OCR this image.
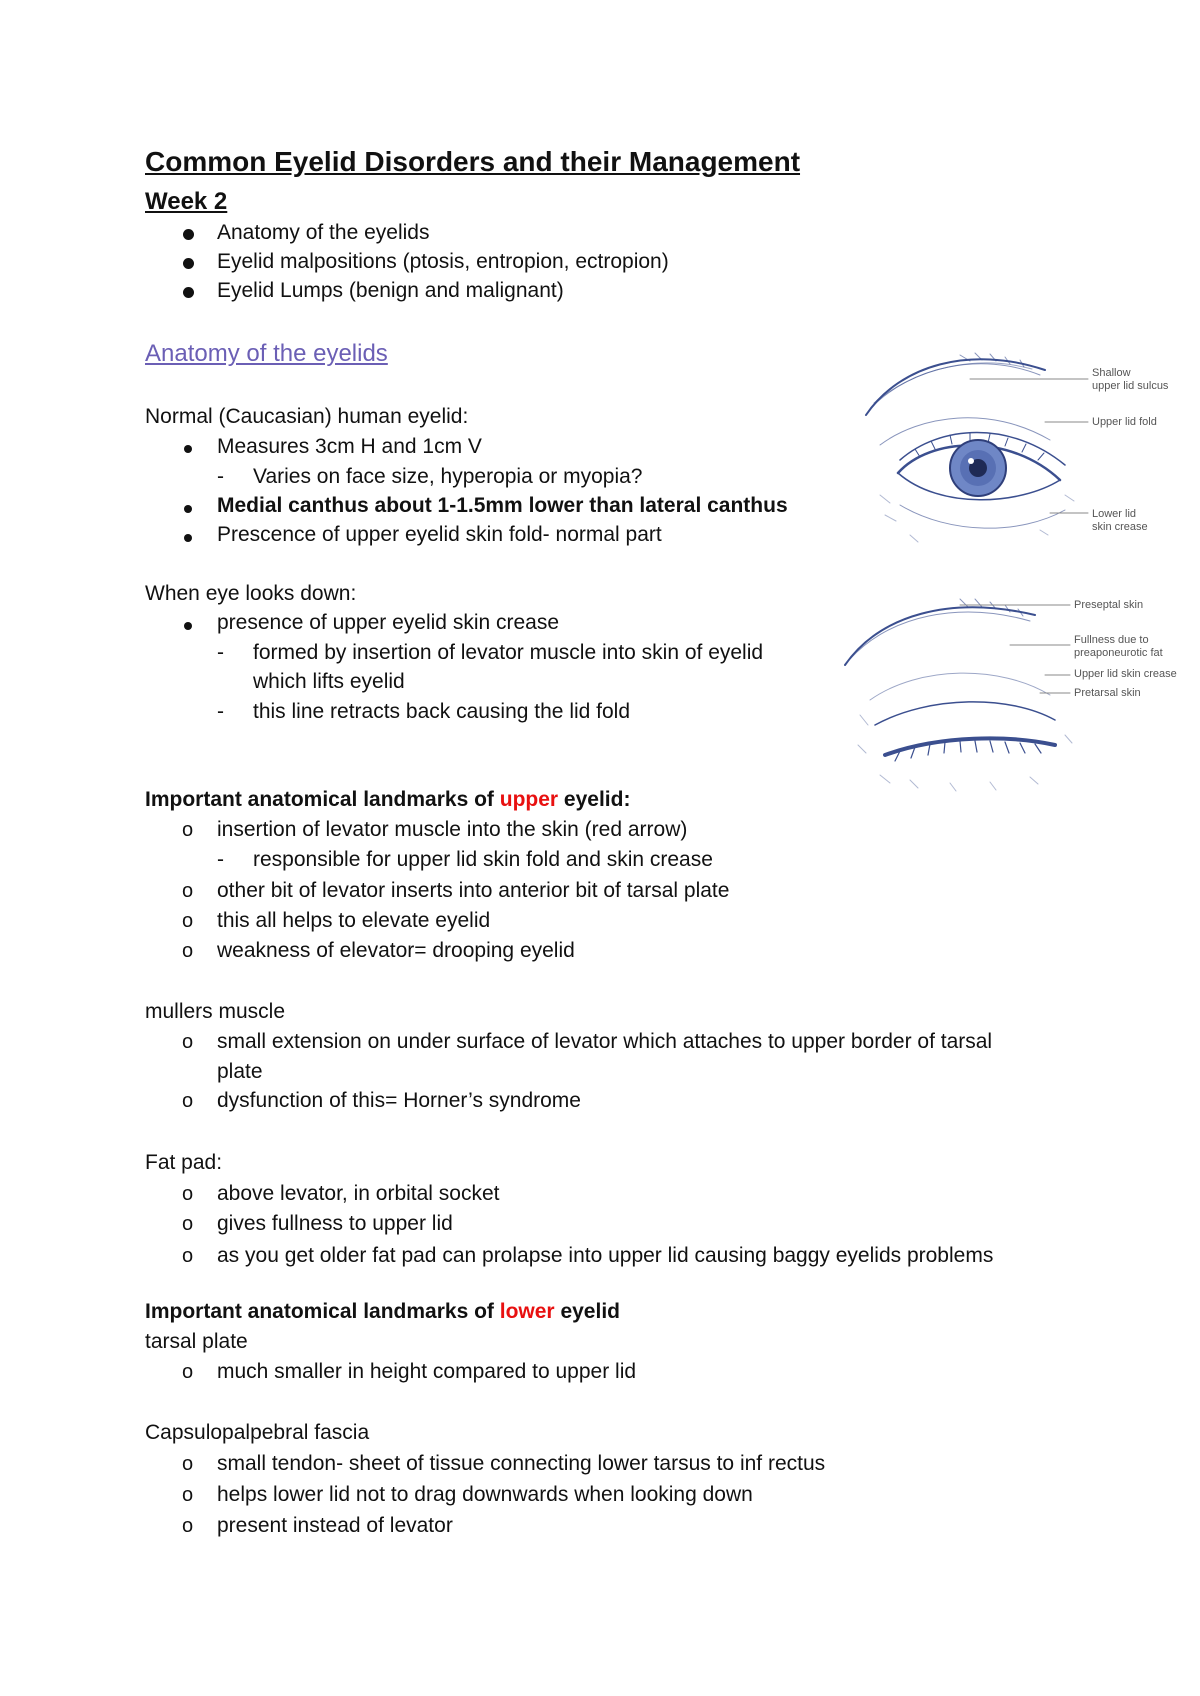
Common Eyelid Disorders and their Management
Week 2
Anatomy of the eyelids
Eyelid malpositions (ptosis, entropion, ectropion)
Eyelid Lumps (benign and malignant)
Anatomy of the eyelids
Normal (Caucasian) human eyelid:
Measures 3cm H and 1cm V
- Varies on face size, hyperopia or myopia?
Medial canthus about 1-1.5mm lower than lateral canthus
Prescence of upper eyelid skin fold- normal part
When eye looks down:
presence of upper eyelid skin crease
- formed by insertion of levator muscle into skin of eyelid
which lifts eyelid
- this line retracts back causing the lid fold
Important anatomical landmarks of upper eyelid:
o insertion of levator muscle into the skin (red arrow)
- responsible for upper lid skin fold and skin crease
o other bit of levator inserts into anterior bit of tarsal plate
o this all helps to elevate eyelid
o weakness of elevator= drooping eyelid
mullers muscle
o small extension on under surface of levator which attaches to upper border of tarsal
plate
o dysfunction of this= Horner’s syndrome
Fat pad:
o above levator, in orbital socket
o gives fullness to upper lid
o as you get older fat pad can prolapse into upper lid causing baggy eyelids problems
Important anatomical landmarks of lower eyelid
tarsal plate
o much smaller in height compared to upper lid
Capsulopalpebral fascia
o small tendon- sheet of tissue connecting lower tarsus to inf rectus
o helps lower lid not to drag downwards when looking down
o present instead of levator
Shallow
upper lid sulcus
Upper lid fold
Lower lid
skin crease
Preseptal skin
Fullness due to
preaponeurotic fat
Upper lid skin crease
Pretarsal skin
